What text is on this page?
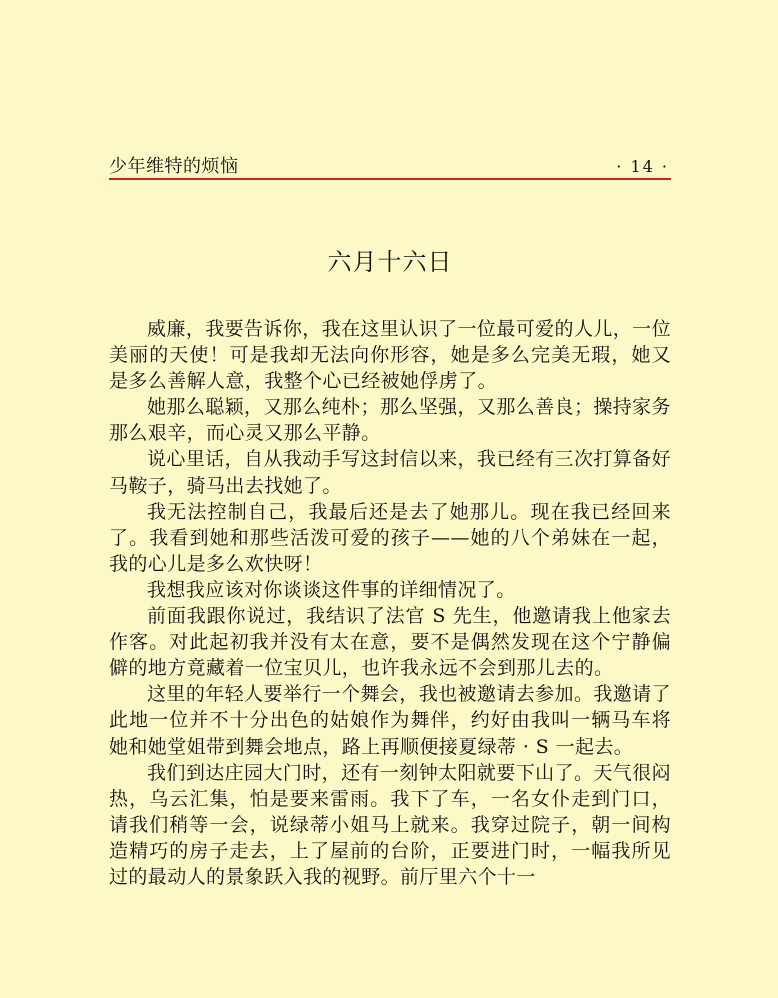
少年维特的烦恼	· 14 ·
六月十六日

威廉，我要告诉你，我在这里认识了一位最可爱的人儿，一位美丽的天使！可是我却无法向你形容，她是多么完美无瑕，她又是多么善解人意，我整个心已经被她俘虏了。

她那么聪颖，又那么纯朴；那么坚强，又那么善良；操持家务那么艰辛，而心灵又那么平静。

说心里话，自从我动手写这封信以来，我已经有三次打算备好马鞍子，骑马出去找她了。

我无法控制自己，我最后还是去了她那儿。现在我已经回来了。我看到她和那些活泼可爱的孩子——她的八个弟妹在一起，我的心儿是多么欢快呀！

我想我应该对你谈谈这件事的详细情况了。

前面我跟你说过，我结识了法官 S 先生，他邀请我上他家去作客。对此起初我并没有太在意，要不是偶然发现在这个宁静偏僻的地方竟藏着一位宝贝儿，也许我永远不会到那儿去的。

这里的年轻人要举行一个舞会，我也被邀请去参加。我邀请了此地一位并不十分出色的姑娘作为舞伴，约好由我叫一辆马车将她和她堂姐带到舞会地点，路上再顺便接夏绿蒂 · S 一起去。

我们到达庄园大门时，还有一刻钟太阳就要下山了。天气很闷热，乌云汇集，怕是要来雷雨。我下了车，一名女仆走到门口，请我们稍等一会，说绿蒂小姐马上就来。我穿过院子，朝一间构造精巧的房子走去，上了屋前的台阶，正要进门时，一幅我所见过的最动人的景象跃入我的视野。前厅里六个十一
